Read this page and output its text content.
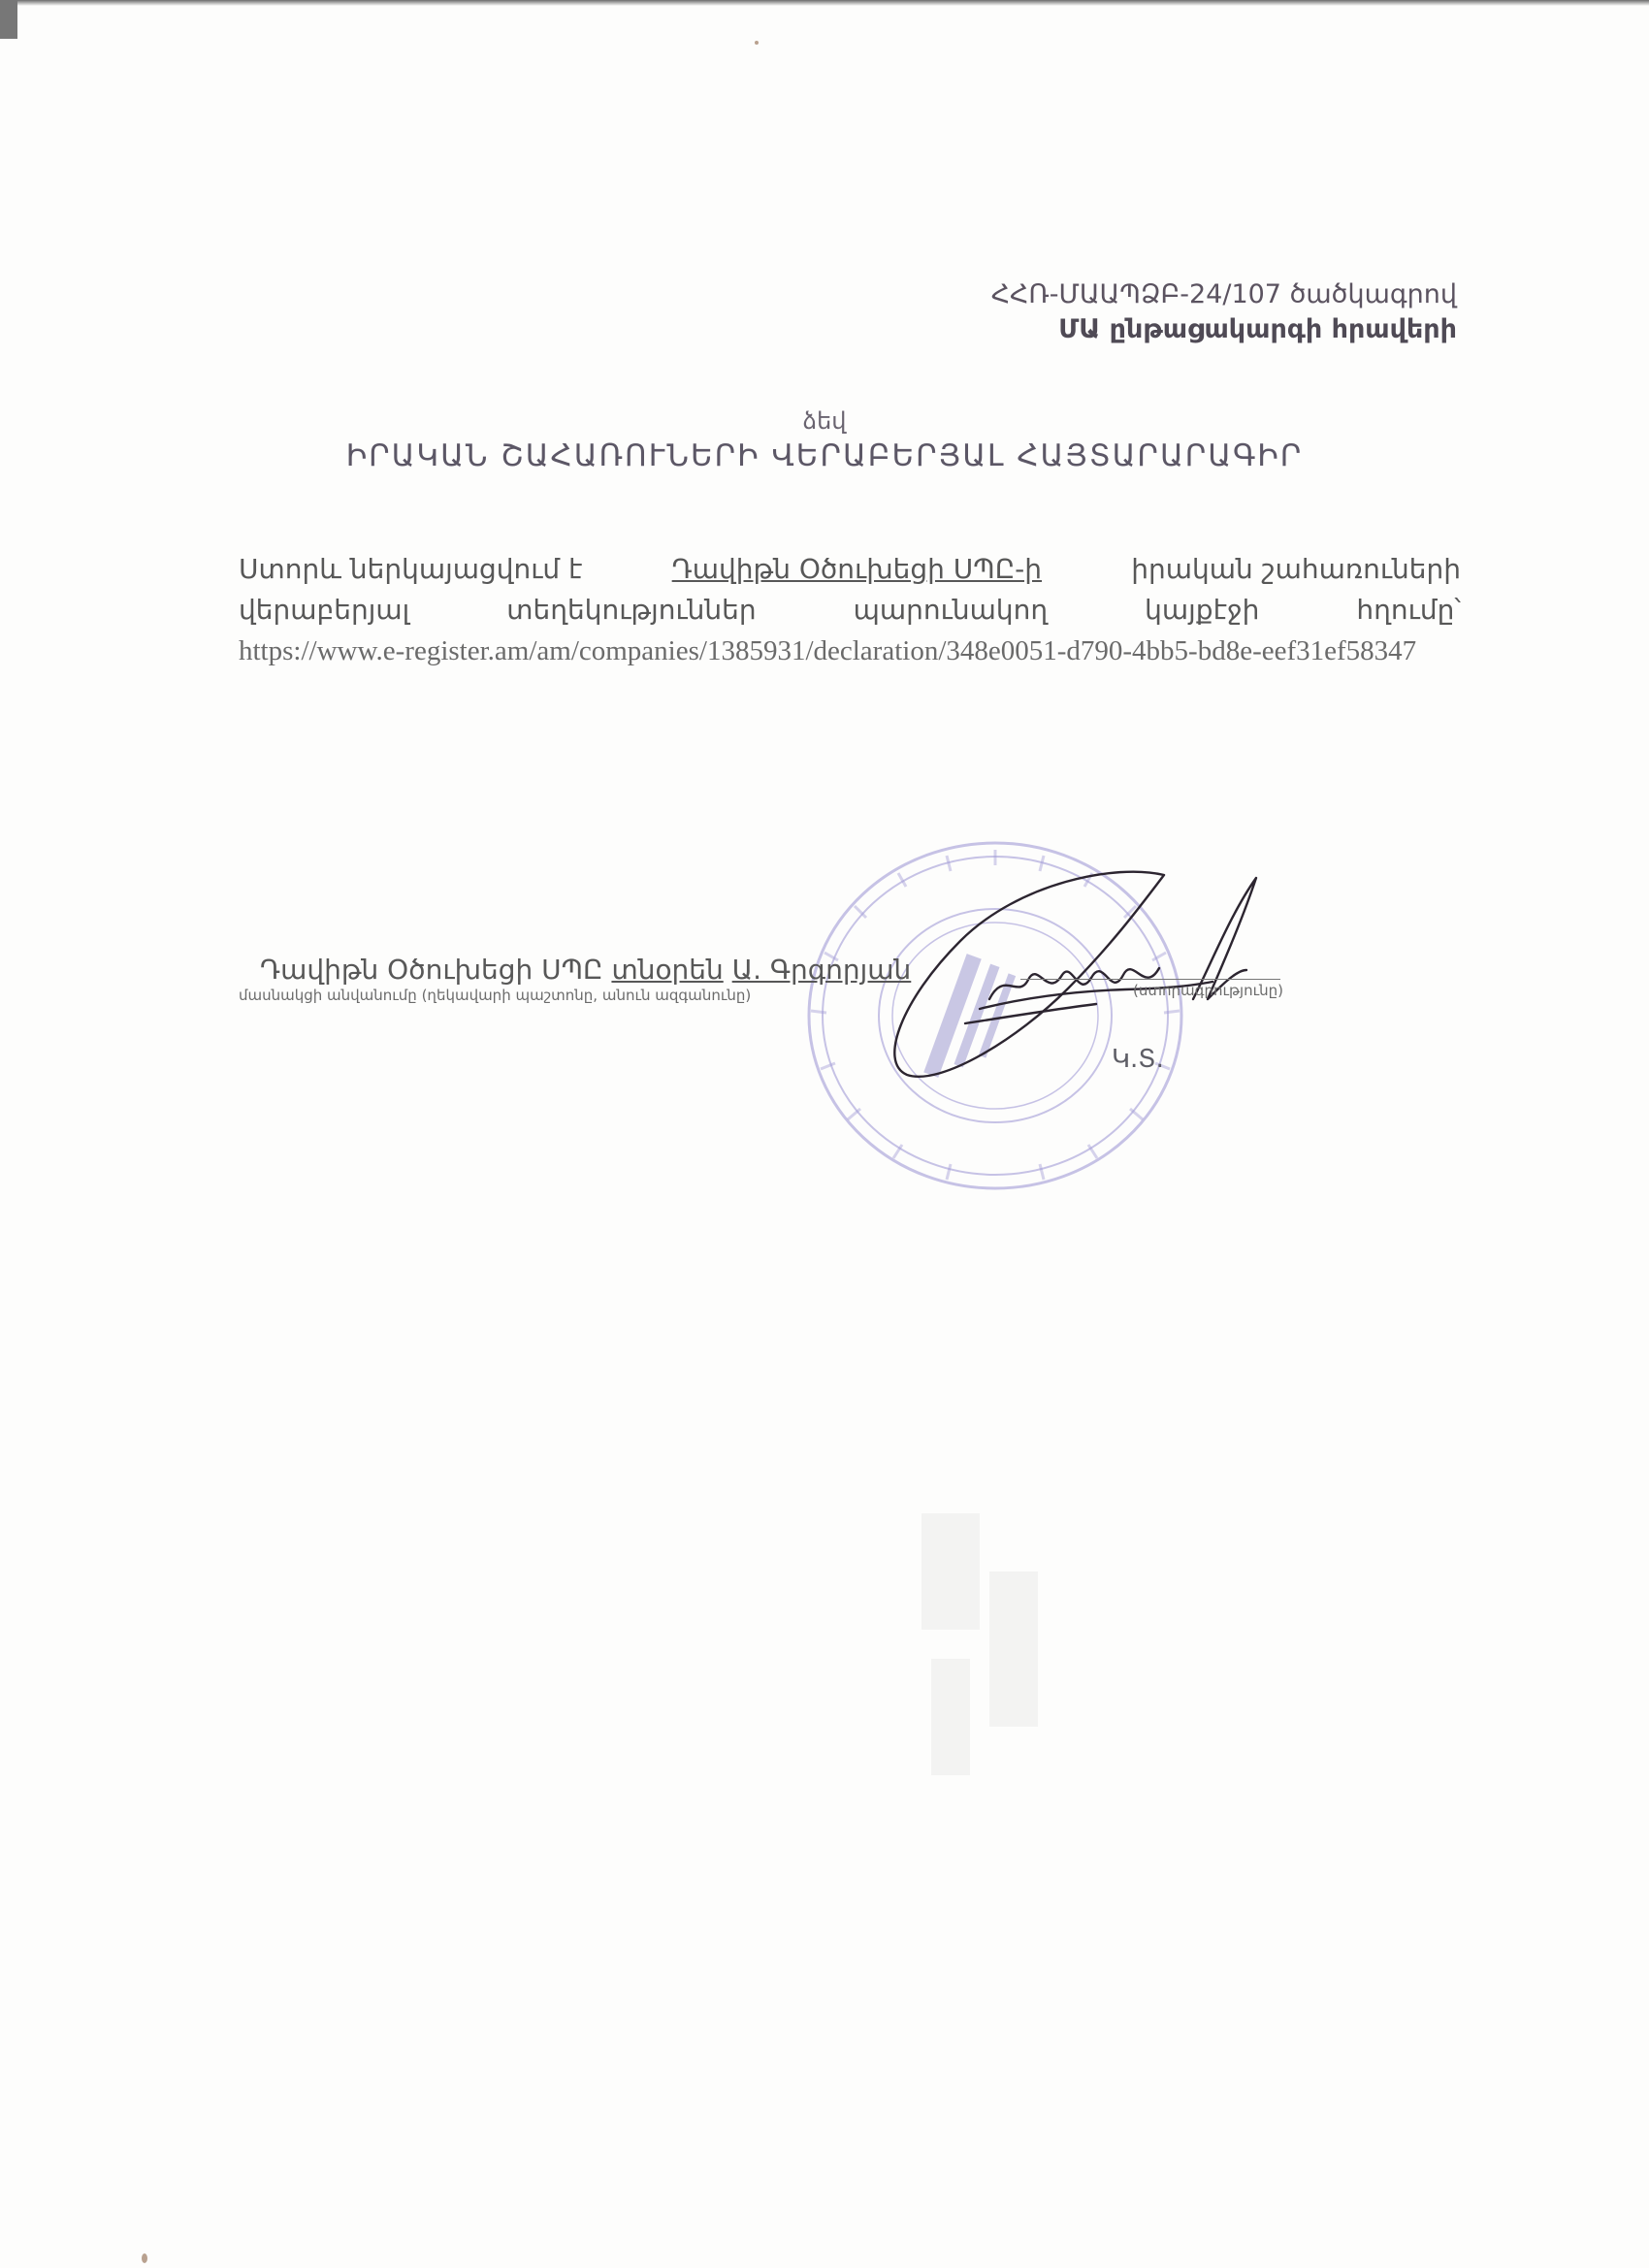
ՀՀՌ-ՄԱԱՊՁԲ-24/107 ծածկագրով
ՄԱ ընթացակարգի հրավերի
ձեվ
ԻՐԱԿԱՆ ՇԱՀԱՌՈՒՆԵՐԻ ՎԵՐԱԲԵՐՅԱԼ ՀԱՅՏԱՐԱՐԱԳԻՐ
Ստորև ներկայացվում է	Դավիթն Օծուխեցի ՍՊԸ-ի	իրական շահառուների
վերաբերյալ	տեղեկություններ	պարունակող	կայքէջի	հղումը՝
https://www.e-register.am/am/companies/1385931/declaration/348e0051-d790-4bb5-bd8e-eef31ef58347
Դավիթն Օծուխեցի ՍՊԸ տնօրեն Ա. Գրգորյան
մասնակցի անվանումը (ղեկավարի պաշտոնը, անուն ազգանունը)	(ստորագրությունը)
Կ.Տ.
